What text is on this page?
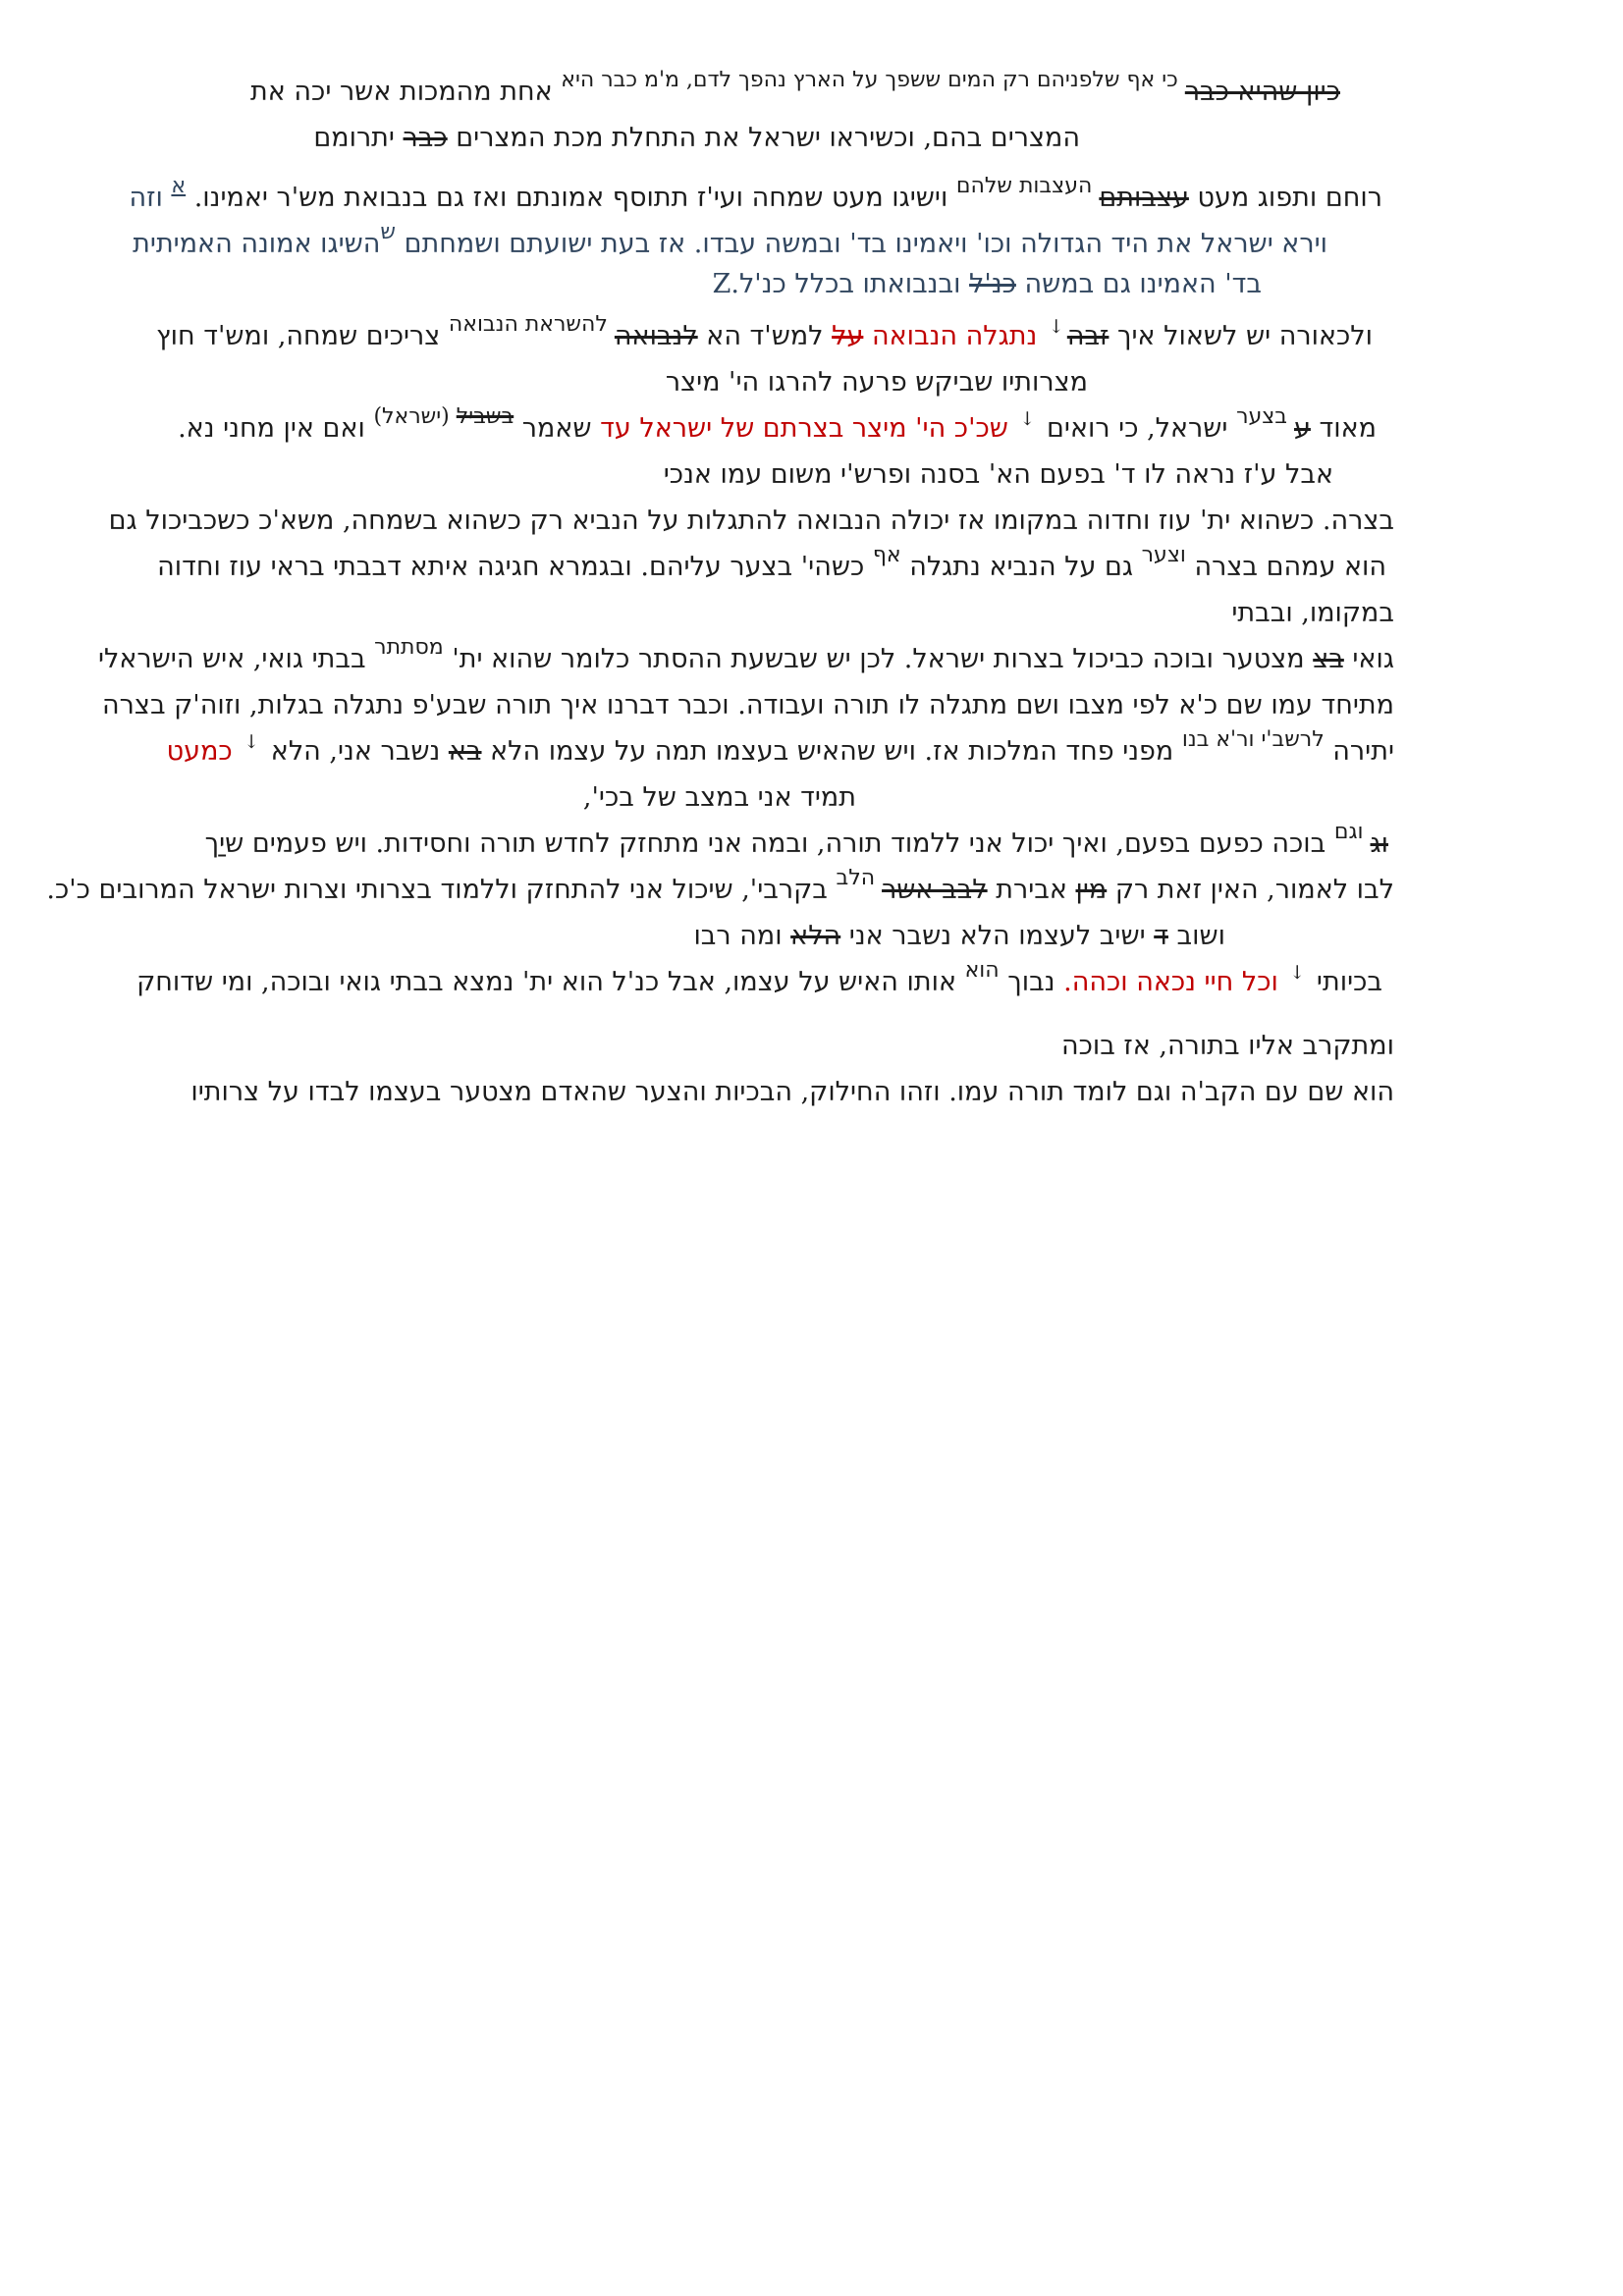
כיון שהיא כבר $^{כי אף שלפניהם רק המים ששפך על הארץ נהפך לדם, מ'מ כבר היא}$ אחת מהמכות אשר יכה את
המצרים בהם, וכשיראו ישראל את התחלת מכת המצרים כבר יתרומם
רוחם ותפוג מעט עצבותם $^{העצבות שלהם}$ וישיגו מעט שמחה ועי'ז תתוסף אמונתם ואז גם בנבואת מש'ר יאמינו. $^א$ וזה
וירא ישראל את היד הגדולה וכו' ויאמינו בד' ובמשה עבדו. אז בעת ישועתם ושמחתם $^ש$השיגו אמונה האמיתית
בד' האמינו גם במשה כנ'ל ובנבואתו בכלל כנ'ל.Z
ולכאורה יש לשאול איך זבה↓ נתגלה הנבואה על למש'ד הא לנבואה $^{להשראת הנבואה}$ צריכים שמחה, ומש'ד חוץ
מצרותיו שביקש פרעה להרגו הי' מיצר
מאוד ע $^{בצער}$ ישראל, כי רואים ↓ שכ'כ הי' מיצר בצרתם של ישראל עד שאמר $^{בשביל}$ $^{(ישראל)}$ ואם אין מחני נא.
אבל ע'ז נראה לו ד' בפעם הא' בסנה ופרש'י משום עמו אנכי
בצרה. כשהוא ית' עוז וחדוה במקומו אז יכולה הנבואה להתגלות על הנביא רק כשהוא בשמחה, משא'כ כשכביכול גם
הוא עמהם בצרה $^{וצער}$ גם על הנביא נתגלה $^{אף}$ כשהי' בצער עליהם. ובגמרא חגיגה איתא דבבתי בראי עוז וחדוה
במקומו, ובבתי
גואי בצ מצטער ובוכה כביכול בצרות ישראל. לכן יש שבשעת ההסתר כלומר שהוא ית' $^{מסתתר}$ בבתי גואי, איש הישראלי
מתיחד עמו שם כ'א לפי מצבו ושם מתגלה לו תורה ועבודה. וכבר דברנו איך תורה שבע'פ נתגלה בגלות, וזוה'ק בצרה
יתירה $^{לרשב'י ור'א בנו}$ מפני פחד המלכות אז. ויש שהאיש בעצמו תמה על עצמו הלא בא נשבר אני, הלא ↓ כמעט
תמיד אני במצב של בכי',
וג $^{וגם}$ בוכה כפעם בפעם, ואיך יכול אני ללמוד תורה, ובמה אני מתחזק לחדש תורה וחסידות. ויש פעמים שיַך
לבו לאמור, האין זאת רק מין אבירת לבב אשר $^{הלב}$ בקרבי', שיכול אני להתחזק וללמוד בצרותי וצרות ישראל המרובים כ'כ.
ושוב ד ישיב לעצמו הלא נשבר אני הלא ומה רבו
בכיותי ↓ וכל חיי נכאה וכהה. נבוך $^{הוא}$ אותו האיש על עצמו, אבל כנ'ל הוא ית' נמצא בבתי גואי ובוכה, ומי שדוחק
ומתקרב אליו בתורה, אז בוכה
הוא שם עם הקב'ה וגם לומד תורה עמו. וזהו החילוק, הבכיות והצער שהאדם מצטער בעצמו לבדו על צרותיו
